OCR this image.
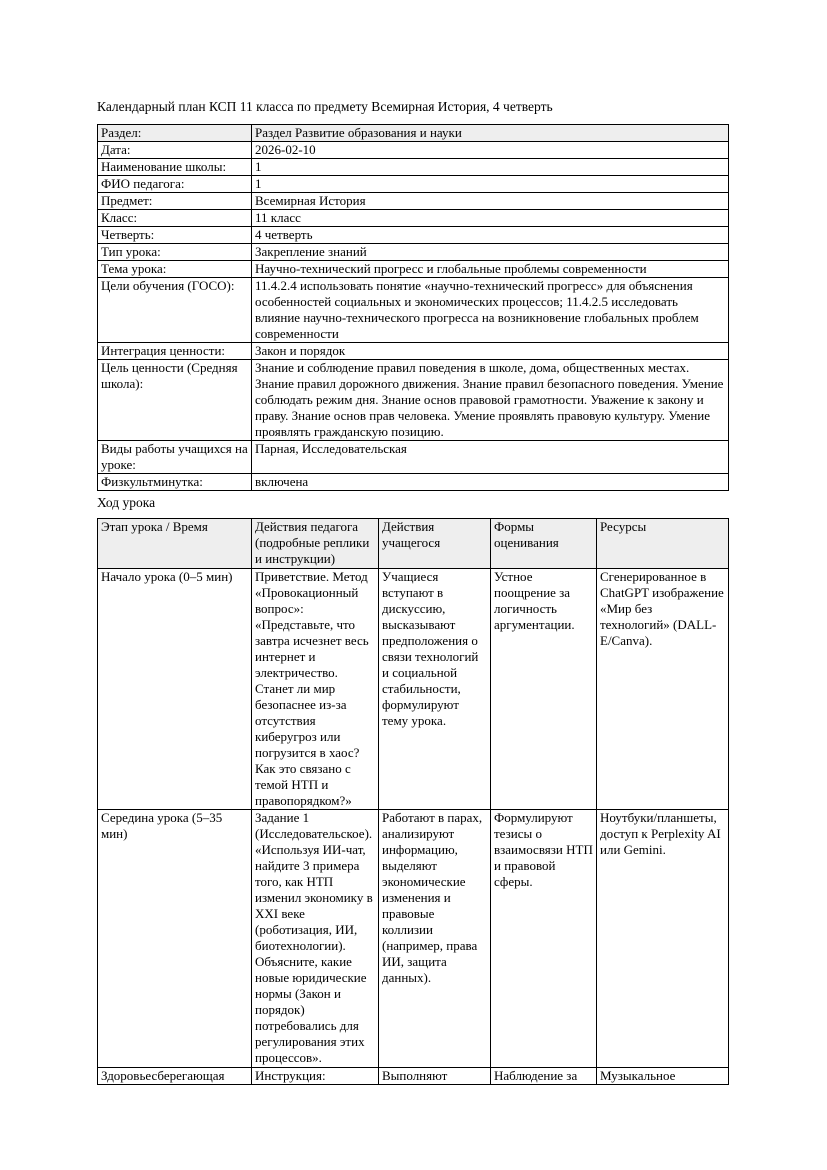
Календарный план КСП 11 класса по предмету Всемирная История, 4 четверть

Раздел:	Раздел Развитие образования и науки
Дата:	2026-02-10
Наименование школы:	1
ФИО педагога:	1
Предмет:	Всемирная История
Класс:	11 класс
Четверть:	4 четверть
Тип урока:	Закрепление знаний
Тема урока:	Научно-технический прогресс и глобальные проблемы современности
Цели обучения (ГОСО):	11.4.2.4 использовать понятие «научно-технический прогресс» для объяснения особенностей социальных и экономических процессов; 11.4.2.5 исследовать влияние научно-технического прогресса на возникновение глобальных проблем современности
Интеграция ценности:	Закон и порядок
Цель ценности (Средняя школа):	Знание и соблюдение правил поведения в школе, дома, общественных местах. Знание правил дорожного движения. Знание правил безопасного поведения. Умение соблюдать режим дня. Знание основ правовой грамотности. Уважение к закону и праву. Знание основ прав человека. Умение проявлять правовую культуру. Умение проявлять гражданскую позицию.
Виды работы учащихся на уроке:	Парная, Исследовательская
Физкультминутка:	включена

Ход урока

Этап урока / Время	Действия педагога (подробные реплики и инструкции)	Действия учащегося	Формы оценивания	Ресурсы
Начало урока (0–5 мин)	Приветствие. Метод «Провокационный вопрос»: «Представьте, что завтра исчезнет весь интернет и электричество. Станет ли мир безопаснее из-за отсутствия киберугроз или погрузится в хаос? Как это связано с темой НТП и правопорядком?»	Учащиеся вступают в дискуссию, высказывают предположения о связи технологий и социальной стабильности, формулируют тему урока.	Устное поощрение за логичность аргументации.	Сгенерированное в ChatGPT изображение «Мир без технологий» (DALL-E/Canva).
Середина урока (5–35 мин)	Задание 1 (Исследовательское). «Используя ИИ-чат, найдите 3 примера того, как НТП изменил экономику в XXI веке (роботизация, ИИ, биотехнологии). Объясните, какие новые юридические нормы (Закон и порядок) потребовались для регулирования этих процессов».	Работают в парах, анализируют информацию, выделяют экономические изменения и правовые коллизии (например, права ИИ, защита данных).	Формулируют тезисы о взаимосвязи НТП и правовой сферы.	Ноутбуки/планшеты, доступ к Perplexity AI или Gemini.
Здоровьесберегающая	Инструкция:	Выполняют	Наблюдение за	Музыкальное
